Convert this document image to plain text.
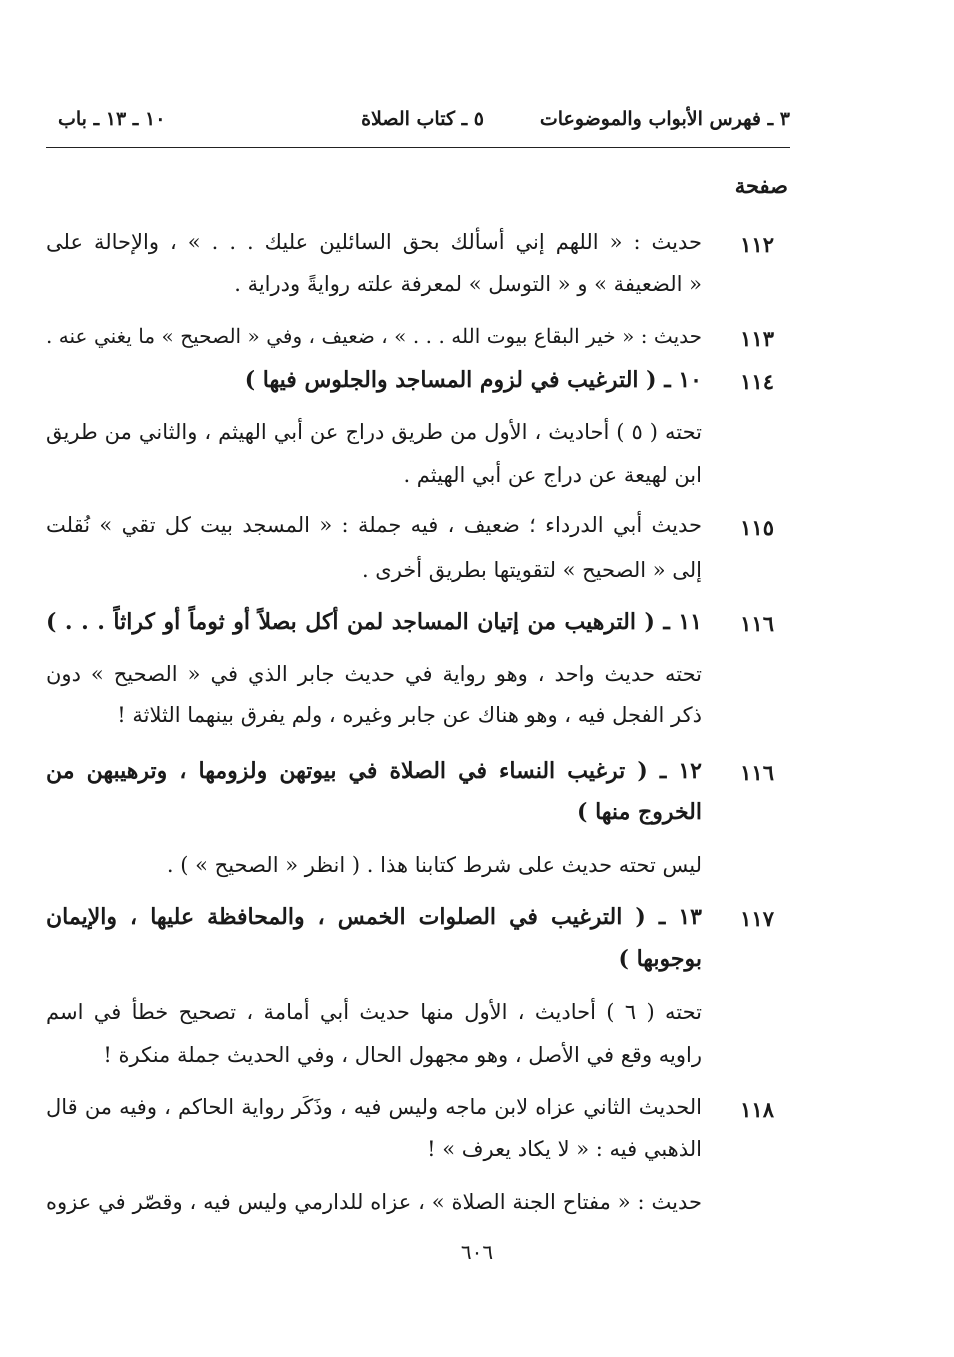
٣ ـ فهرس الأبواب والموضوعات
٥ ـ كتاب الصلاة
١٠ ـ ١٣ ـ باب
صفحة
١١٢
١١٣
١١٤
١١٥
١١٦
١١٦
١١٧
١١٨
حديث : « اللهم إني أسألك بحق السائلين عليك . . . » ، والإحالة على
« الضعيفة » و « التوسل » لمعرفة علته روايةً ودراية .
حديث : « خير البقاع بيوت الله . . . » ، ضعيف ، وفي « الصحيح » ما يغني عنه .
١٠ ـ ( الترغيب في لزوم المساجد والجلوس فيها )
تحته ( ٥ ) أحاديث ، الأول من طريق دراج عن أبي الهيثم ، والثاني من طريق
ابن لهيعة عن دراج عن أبي الهيثم .
حديث أبي الدرداء ؛ ضعيف ، فيه جملة : « المسجد بيت كل تقي » نُقلت
إلى « الصحيح » لتقويتها بطريق أخرى .
١١ ـ ( الترهيب من إتيان المساجد لمن أكل بصلاً أو ثوماً أو كراثاً . . . )
تحته حديث واحد ، وهو رواية في حديث جابر الذي في « الصحيح » دون
ذكر الفجل فيه ، وهو هناك عن جابر وغيره ، ولم يفرق بينهما الثلاثة !
١٢ ـ ( ترغيب النساء في الصلاة في بيوتهن ولزومها ، وترهيبهن من
الخروج منها )
ليس تحته حديث على شرط كتابنا هذا . ( انظر « الصحيح » ) .
١٣ ـ ( الترغيب في الصلوات الخمس ، والمحافظة عليها ، والإيمان
بوجوبها )
تحته ( ٦ ) أحاديث ، الأول منها حديث أبي أمامة ، تصحيح خطأ في اسم
راويه وقع في الأصل ، وهو مجهول الحال ، وفي الحديث جملة منكرة !
الحديث الثاني عزاه لابن ماجه وليس فيه ، وذَكَر رواية الحاكم ، وفيه من قال
الذهبي فيه : « لا يكاد يعرف » !
حديث : « مفتاح الجنة الصلاة » ، عزاه للدارمي وليس فيه ، وقصّر في عزوه
٦٠٦
